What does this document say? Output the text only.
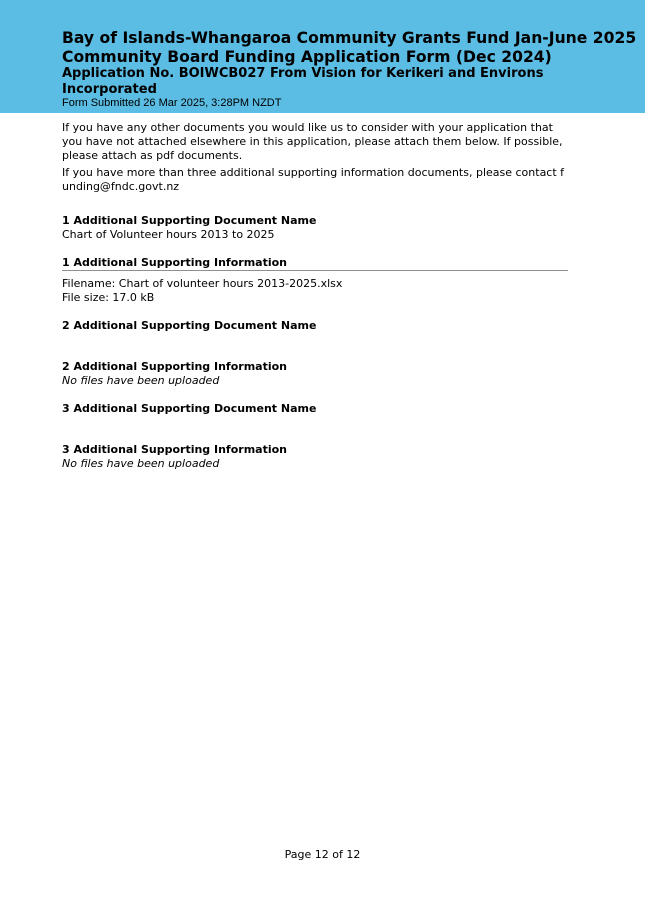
Bay of Islands-Whangaroa Community Grants Fund Jan-June 2025 Community Board Funding Application Form (Dec 2024)
Application No. BOIWCB027 From Vision for Kerikeri and Environs Incorporated
Form Submitted 26 Mar 2025, 3:28PM NZDT

If you have any other documents you would like us to consider with your application that you have not attached elsewhere in this application, please attach them below. If possible, please attach as pdf documents.

If you have more than three additional supporting information documents, please contact funding@fndc.govt.nz

1 Additional Supporting Document Name
Chart of Volunteer hours 2013 to 2025
1 Additional Supporting Information
Filename: Chart of volunteer hours 2013-2025.xlsx
File size: 17.0 kB
2 Additional Supporting Document Name
2 Additional Supporting Information
No files have been uploaded
3 Additional Supporting Document Name
3 Additional Supporting Information
No files have been uploaded
Page 12 of 12
